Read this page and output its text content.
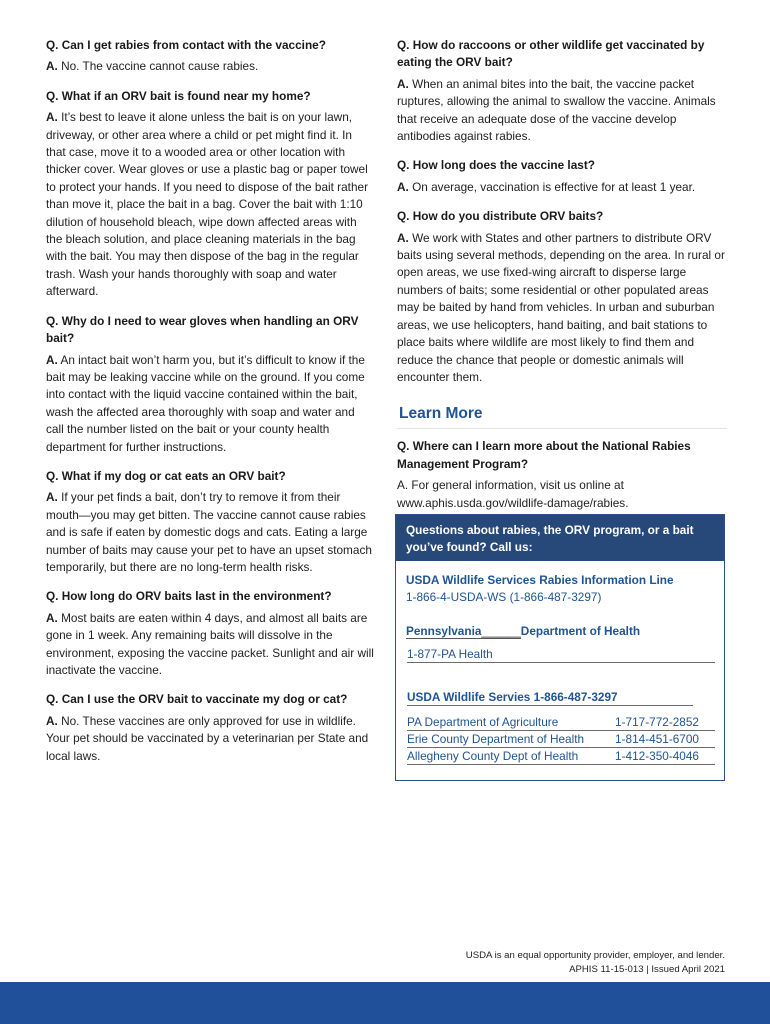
Q. Can I get rabies from contact with the vaccine?

A. No. The vaccine cannot cause rabies.

Q. What if an ORV bait is found near my home?

A. It’s best to leave it alone unless the bait is on your lawn, driveway, or other area where a child or pet might find it. In that case, move it to a wooded area or other location with thicker cover. Wear gloves or use a plastic bag or paper towel to protect your hands. If you need to dispose of the bait rather than move it, place the bait in a bag. Cover the bait with 1:10 dilution of household bleach, wipe down affected areas with the bleach solution, and place cleaning materials in the bag with the bait. You may then dispose of the bag in the regular trash. Wash your hands thoroughly with soap and water afterward.

Q. Why do I need to wear gloves when handling an ORV bait?

A. An intact bait won’t harm you, but it’s difficult to know if the bait may be leaking vaccine while on the ground. If you come into contact with the liquid vaccine contained within the bait, wash the affected area thoroughly with soap and water and call the number listed on the bait or your county health department for further instructions.

Q. What if my dog or cat eats an ORV bait?

A. If your pet finds a bait, don’t try to remove it from their mouth—you may get bitten. The vaccine cannot cause rabies and is safe if eaten by domestic dogs and cats. Eating a large number of baits may cause your pet to have an upset stomach temporarily, but there are no long-term health risks.

Q. How long do ORV baits last in the environment?

A. Most baits are eaten within 4 days, and almost all baits are gone in 1 week. Any remaining baits will dissolve in the environment, exposing the vaccine packet. Sunlight and air will inactivate the vaccine.

Q. Can I use the ORV bait to vaccinate my dog or cat?

A. No. These vaccines are only approved for use in wildlife. Your pet should be vaccinated by a veterinarian per State and local laws.

Q. How do raccoons or other wildlife get vaccinated by eating the ORV bait?

A. When an animal bites into the bait, the vaccine packet ruptures, allowing the animal to swallow the vaccine. Animals that receive an adequate dose of the vaccine develop antibodies against rabies.

Q. How long does the vaccine last?

A. On average, vaccination is effective for at least 1 year.

Q. How do you distribute ORV baits?

A. We work with States and other partners to distribute ORV baits using several methods, depending on the area. In rural or open areas, we use fixed-wing aircraft to disperse large numbers of baits; some residential or other populated areas may be baited by hand from vehicles. In urban and suburban areas, we use helicopters, hand baiting, and bait stations to place baits where wildlife are most likely to find them and reduce the chance that people or domestic animals will encounter them.

Learn More

Q. Where can I learn more about the National Rabies Management Program?

A. For general information, visit us online at www.aphis.usda.gov/wildlife-damage/rabies.

Questions about rabies, the ORV program, or a bait you’ve found? Call us:
USDA Wildlife Services Rabies Information Line
1-866-4-USDA-WS (1-866-487-3297)
Pennsylvania______Department of Health
1-877-PA Health
USDA Wildlife Servies 1-866-487-3297
PA Department of Agriculture	1-717-772-2852
Erie County Department of Health	1-814-451-6700
Allegheny County Dept of Health	1-412-350-4046
USDA is an equal opportunity provider, employer, and lender.
APHIS 11-15-013 | Issued April 2021
